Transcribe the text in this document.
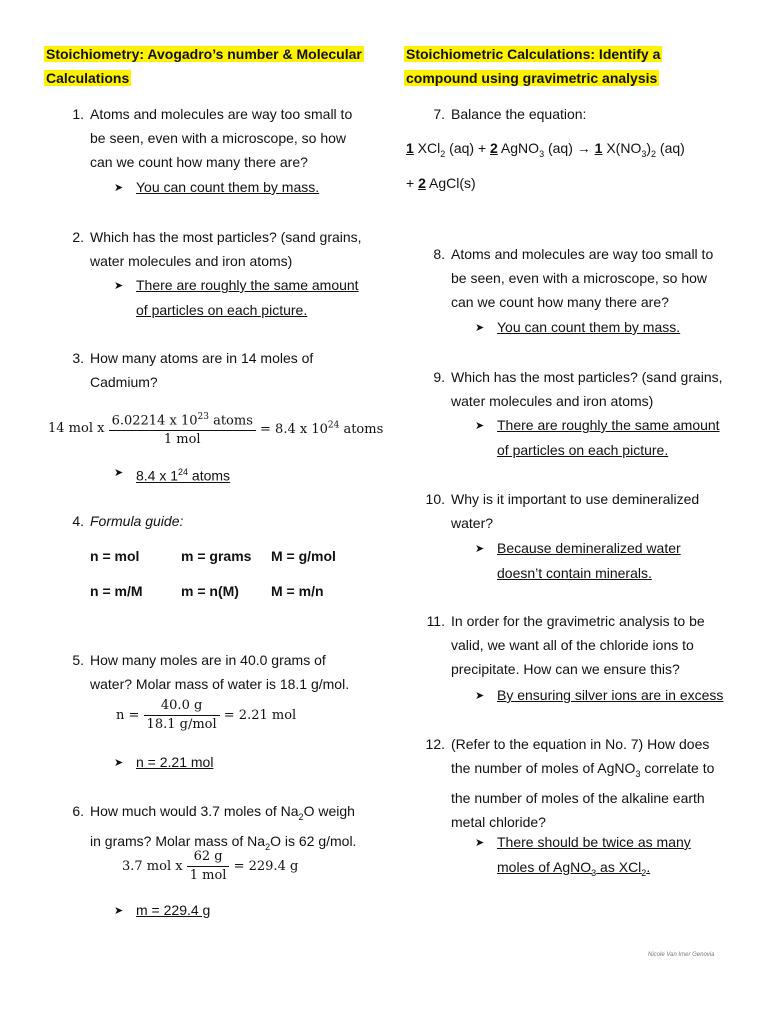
Stoichiometry: Avogadro’s number & Molecular
Calculations
1. Atoms and molecules are way too small to
be seen, even with a microscope, so how
can we count how many there are?
➤ You can count them by mass.
2. Which has the most particles? (sand grains,
water molecules and iron atoms)
➤ There are roughly the same amount
of particles on each picture.
3. How many atoms are in 14 moles of
Cadmium?
14 mol x $\frac{6.02214 x 10^{23} atoms}{\text{1 mol}} = 8.4$ x $10^{24}$ atoms
➤ 8.4 x $1^{24}$ atoms
4. Formula guide:
n = mol	m = grams M = g/mol
n = m/M	m = n(M) M = m/n
5. How many moles are in 40.0 grams of
water? Molar mass of water is 18.1 g/mol.
$n = \frac{40.0 g}{\text{18.1 g/mol}} = 2.21$ mol
➤ n = 2.21 mol
6. How much would 3.7 moles of $Na_2O$ weigh
in grams? Molar mass of $Na_2O$ is 62 g/mol.
3.7 mol x $\frac{62 g}{\text{1 mol}} = 229.4$ g
➤ m = 229.4 g
Stoichiometric Calculations: Identify a
compound using gravimetric analysis
7. Balance the equation:
1 XCl$_2$ (aq) + 2 AgNO$_3$ (aq) → 1 $X(NO_3)_2$ (aq)
+ 2 AgCl(s)
8. Atoms and molecules are way too small to
be seen, even with a microscope, so how
can we count how many there are?
➤ You can count them by mass.
9. Which has the most particles? (sand grains,
water molecules and iron atoms)
➤ There are roughly the same amount
of particles on each picture.
10. Why is it important to use demineralized
water?
➤ Because demineralized water
doesn’t contain minerals.
11. In order for the gravimetric analysis to be
valid, we want all of the chloride ions to
precipitate. How can we ensure this?
➤ By ensuring silver ions are in excess
12. (Refer to the equation in No. 7) How does
the number of moles of AgNO$_3$ correlate to
the number of moles of the alkaline earth
metal chloride?
➤ There should be twice as many
moles of AgNO$_3$ as XCl$_2$.
Nicole Van Imer Genovia
